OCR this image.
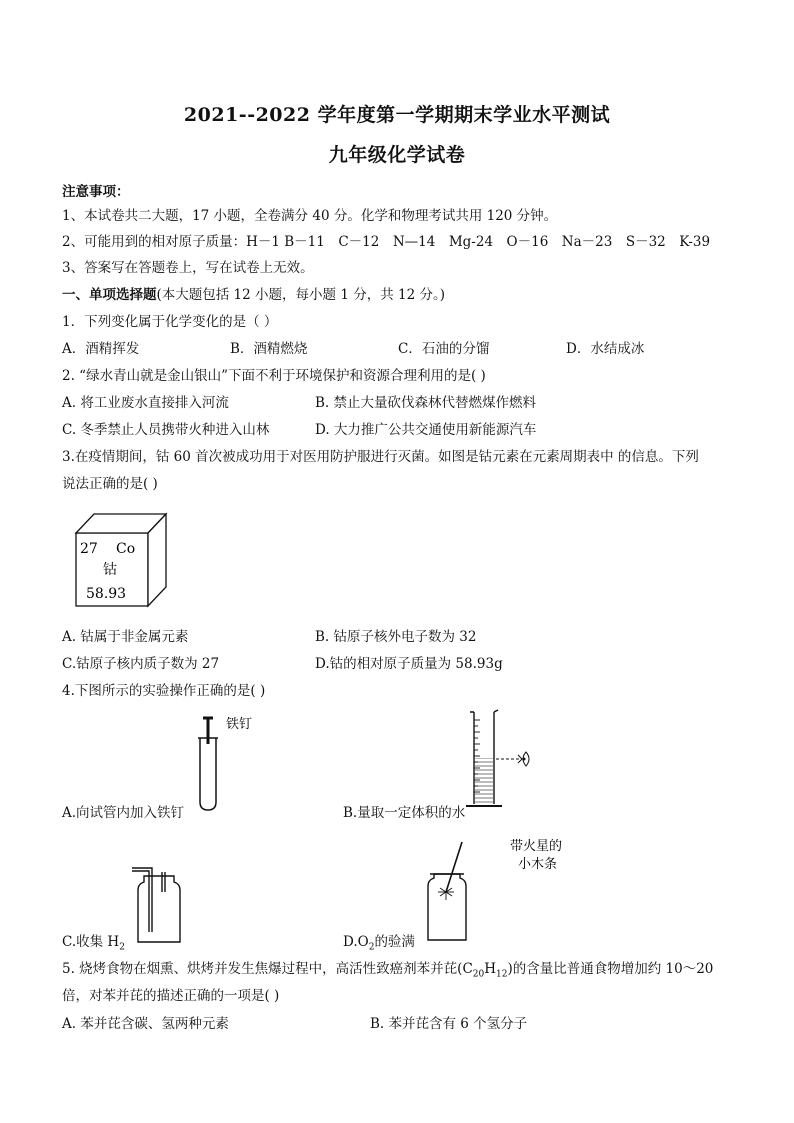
2021--2022 学年度第一学期期末学业水平测试
九年级化学试卷
注意事项：
1、本试卷共二大题，17 小题，全卷满分 40 分。化学和物理考试共用 120 分钟。
2、可能用到的相对原子质量：H－1 B－11　C－12　N—14　Mg-24　O－16　Na－23　S－32　K-39
3、答案写在答题卷上，写在试卷上无效。
一、单项选择题(本大题包括 12 小题，每小题 1 分，共 12 分。)
1．下列变化属于化学变化的是（ ）
A．酒精挥发	B．酒精燃烧	C．石油的分馏	D．水结成冰
2. “绿水青山就是金山银山”下面不利于环境保护和资源合理利用的是( )
A. 将工业废水直接排入河流	B. 禁止大量砍伐森林代替燃煤作燃料
C. 冬季禁止人员携带火种进入山林	D. 大力推广公共交通使用新能源汽车
3.在疫情期间，钴 60 首次被成功用于对医用防护服进行灭菌。如图是钴元素在元素周期表中 的信息。下列
说法正确的是( )
27 Co
钴
58.93
A. 钴属于非金属元素	B. 钴原子核外电子数为 32
C.钴原子核内质子数为 27	D.钴的相对原子质量为 58.93g
4.下图所示的实验操作正确的是( )
铁钉
A.向试管内加入铁钉	B.量取一定体积的水
C.收集 $H_2$
带火星的
小木条
$D.O_2$的验满
5. 烧烤食物在烟熏、烘烤并发生焦爆过程中，高活性致癌剂苯并芘$(C_{20}H_{12})$的含量比普通食物增加约 10～20
倍，对苯并芘的描述正确的一项是( )
A. 苯并芘含碳、氢两种元素	B. 苯并芘含有 6 个氢分子
